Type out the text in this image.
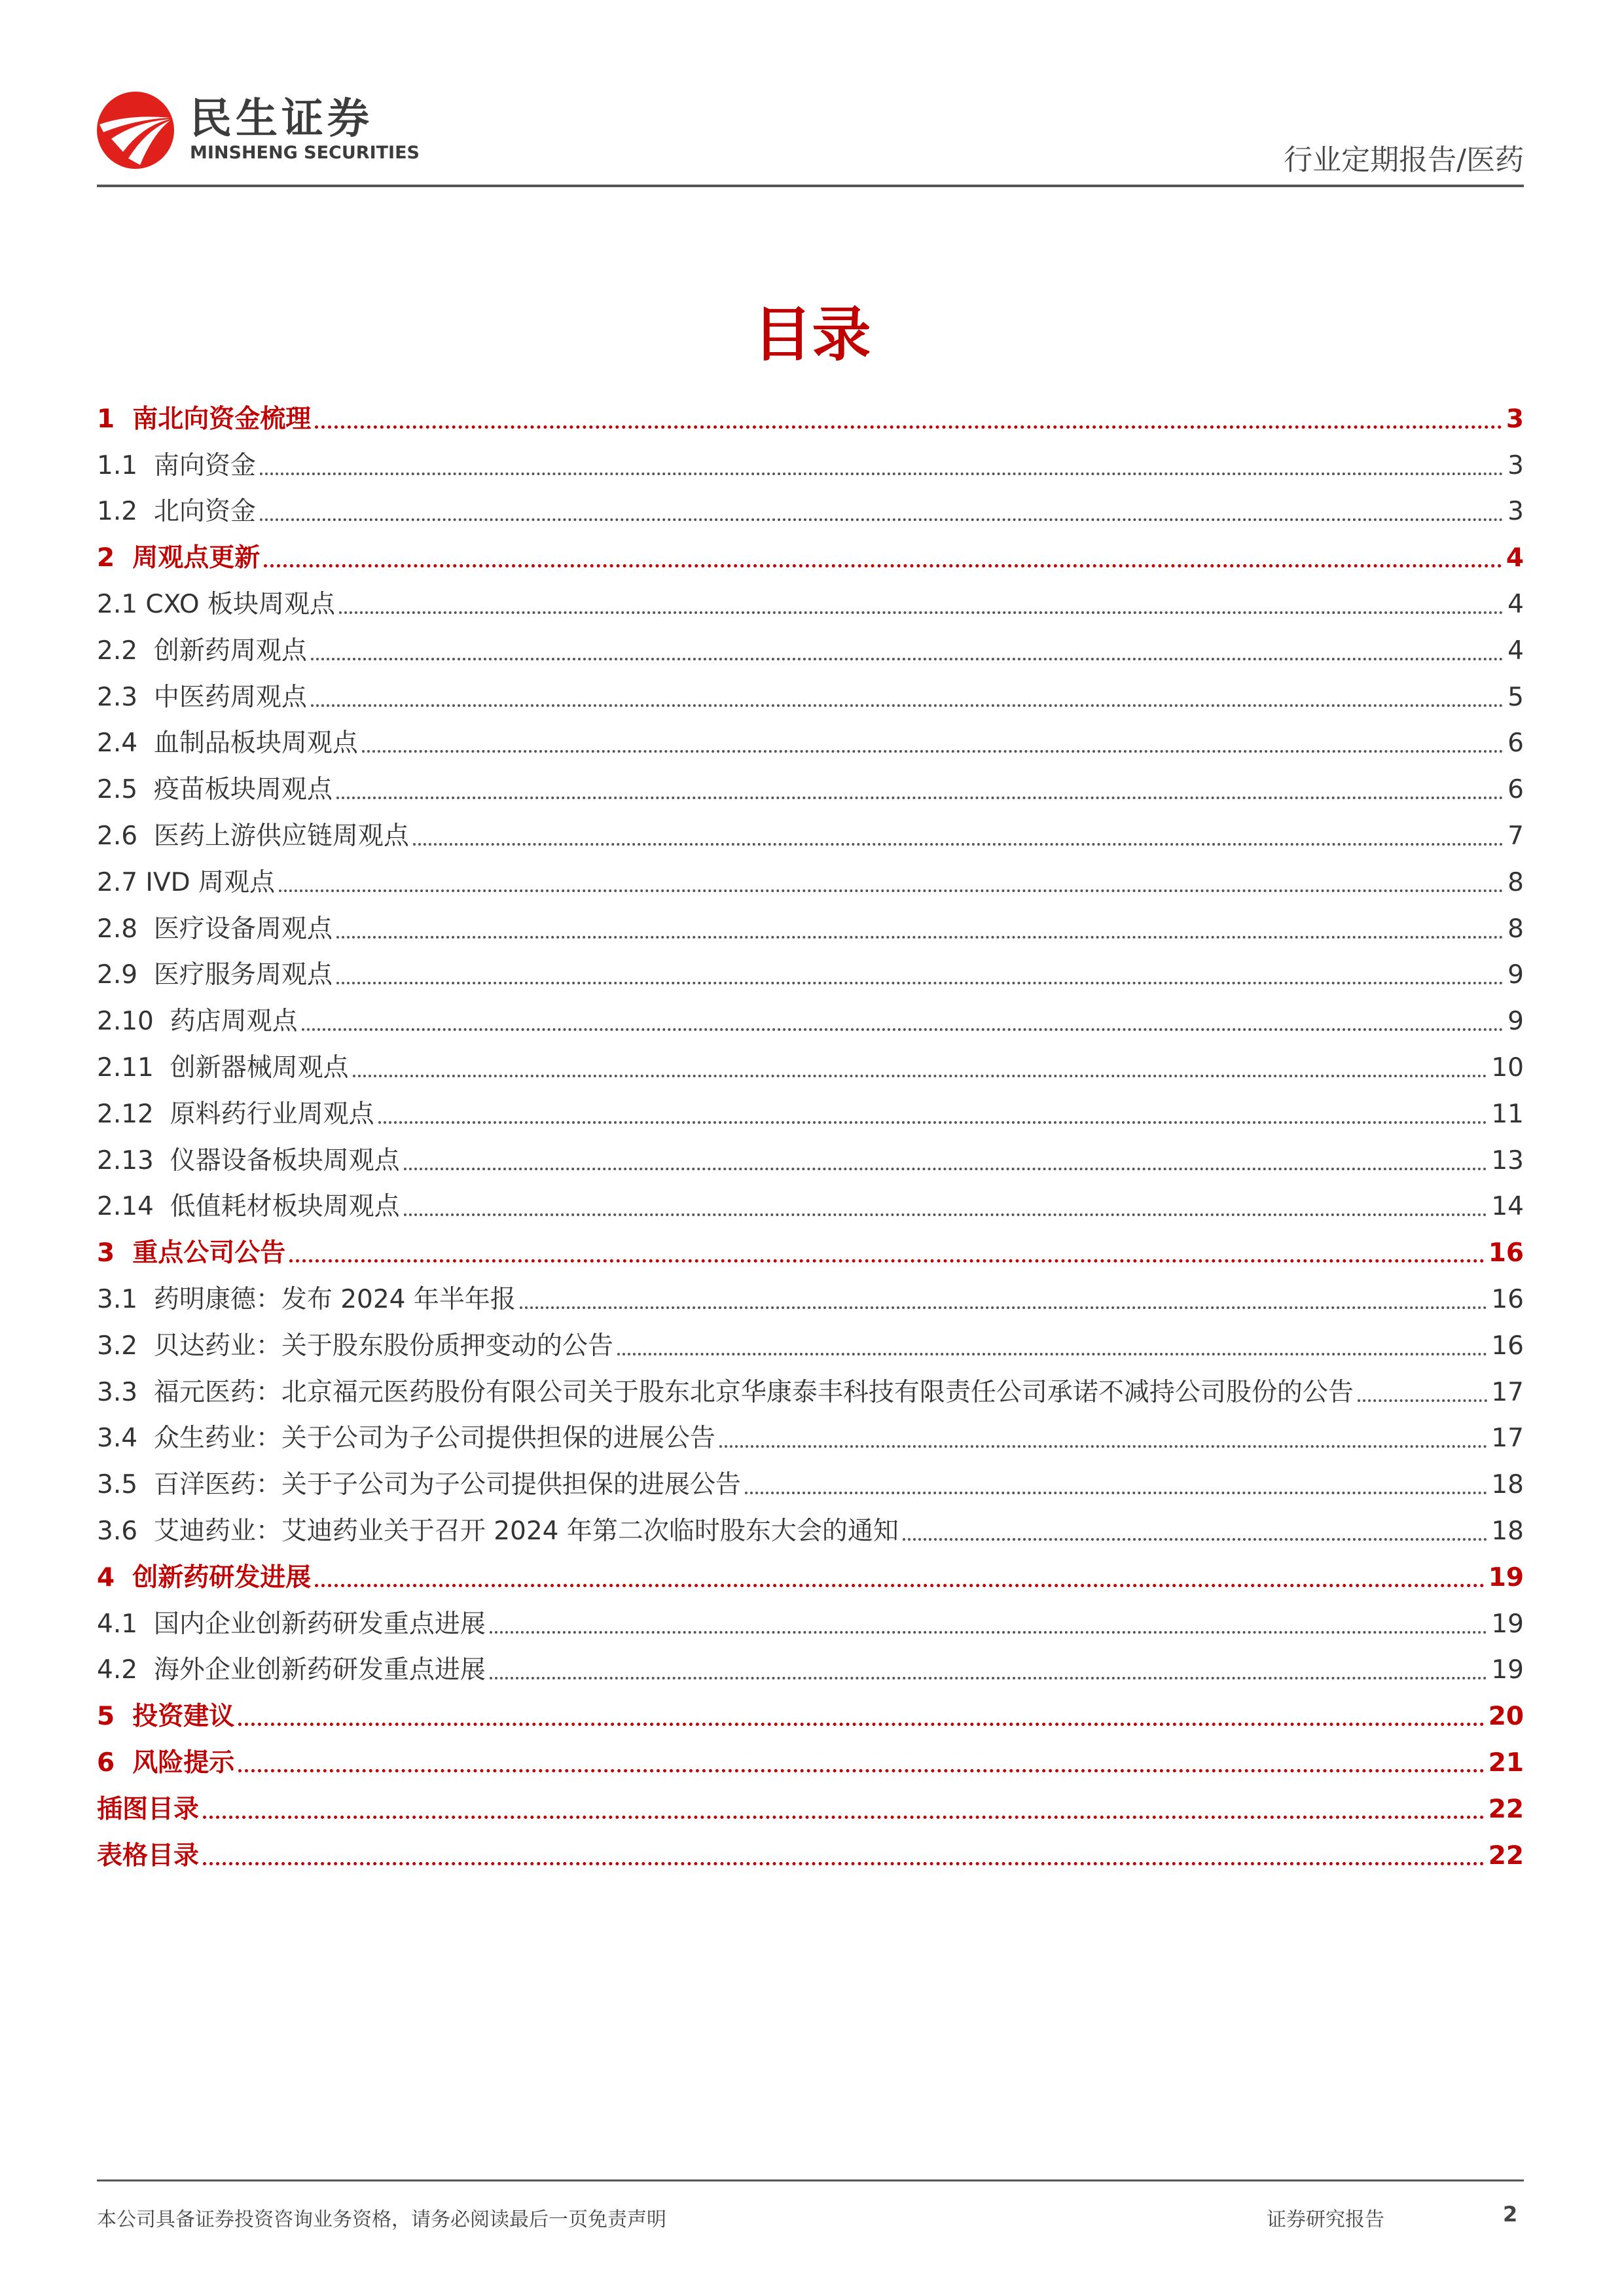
民生证券
MINSHENG SECURITIES	行业定期报告/医药
目录
1  南北向资金梳理	3
1.1  南向资金	3
1.2  北向资金	3
2  周观点更新	4
2.1 CXO 板块周观点	4
2.2  创新药周观点	4
2.3  中医药周观点	5
2.4  血制品板块周观点	6
2.5  疫苗板块周观点	6
2.6  医药上游供应链周观点	7
2.7 IVD 周观点	8
2.8  医疗设备周观点	8
2.9  医疗服务周观点	9
2.10  药店周观点	9
2.11  创新器械周观点	10
2.12  原料药行业周观点	11
2.13  仪器设备板块周观点	13
2.14  低值耗材板块周观点	14
3  重点公司公告	16
3.1  药明康德：发布 2024 年半年报	16
3.2  贝达药业：关于股东股份质押变动的公告	16
3.3  福元医药：北京福元医药股份有限公司关于股东北京华康泰丰科技有限责任公司承诺不减持公司股份的公告	17
3.4  众生药业：关于公司为子公司提供担保的进展公告	17
3.5  百洋医药：关于子公司为子公司提供担保的进展公告	18
3.6  艾迪药业：艾迪药业关于召开 2024 年第二次临时股东大会的通知	18
4  创新药研发进展	19
4.1  国内企业创新药研发重点进展	19
4.2  海外企业创新药研发重点进展	19
5  投资建议	20
6  风险提示	21
插图目录	22
表格目录	22
本公司具备证券投资咨询业务资格，请务必阅读最后一页免责声明	证券研究报告	2
